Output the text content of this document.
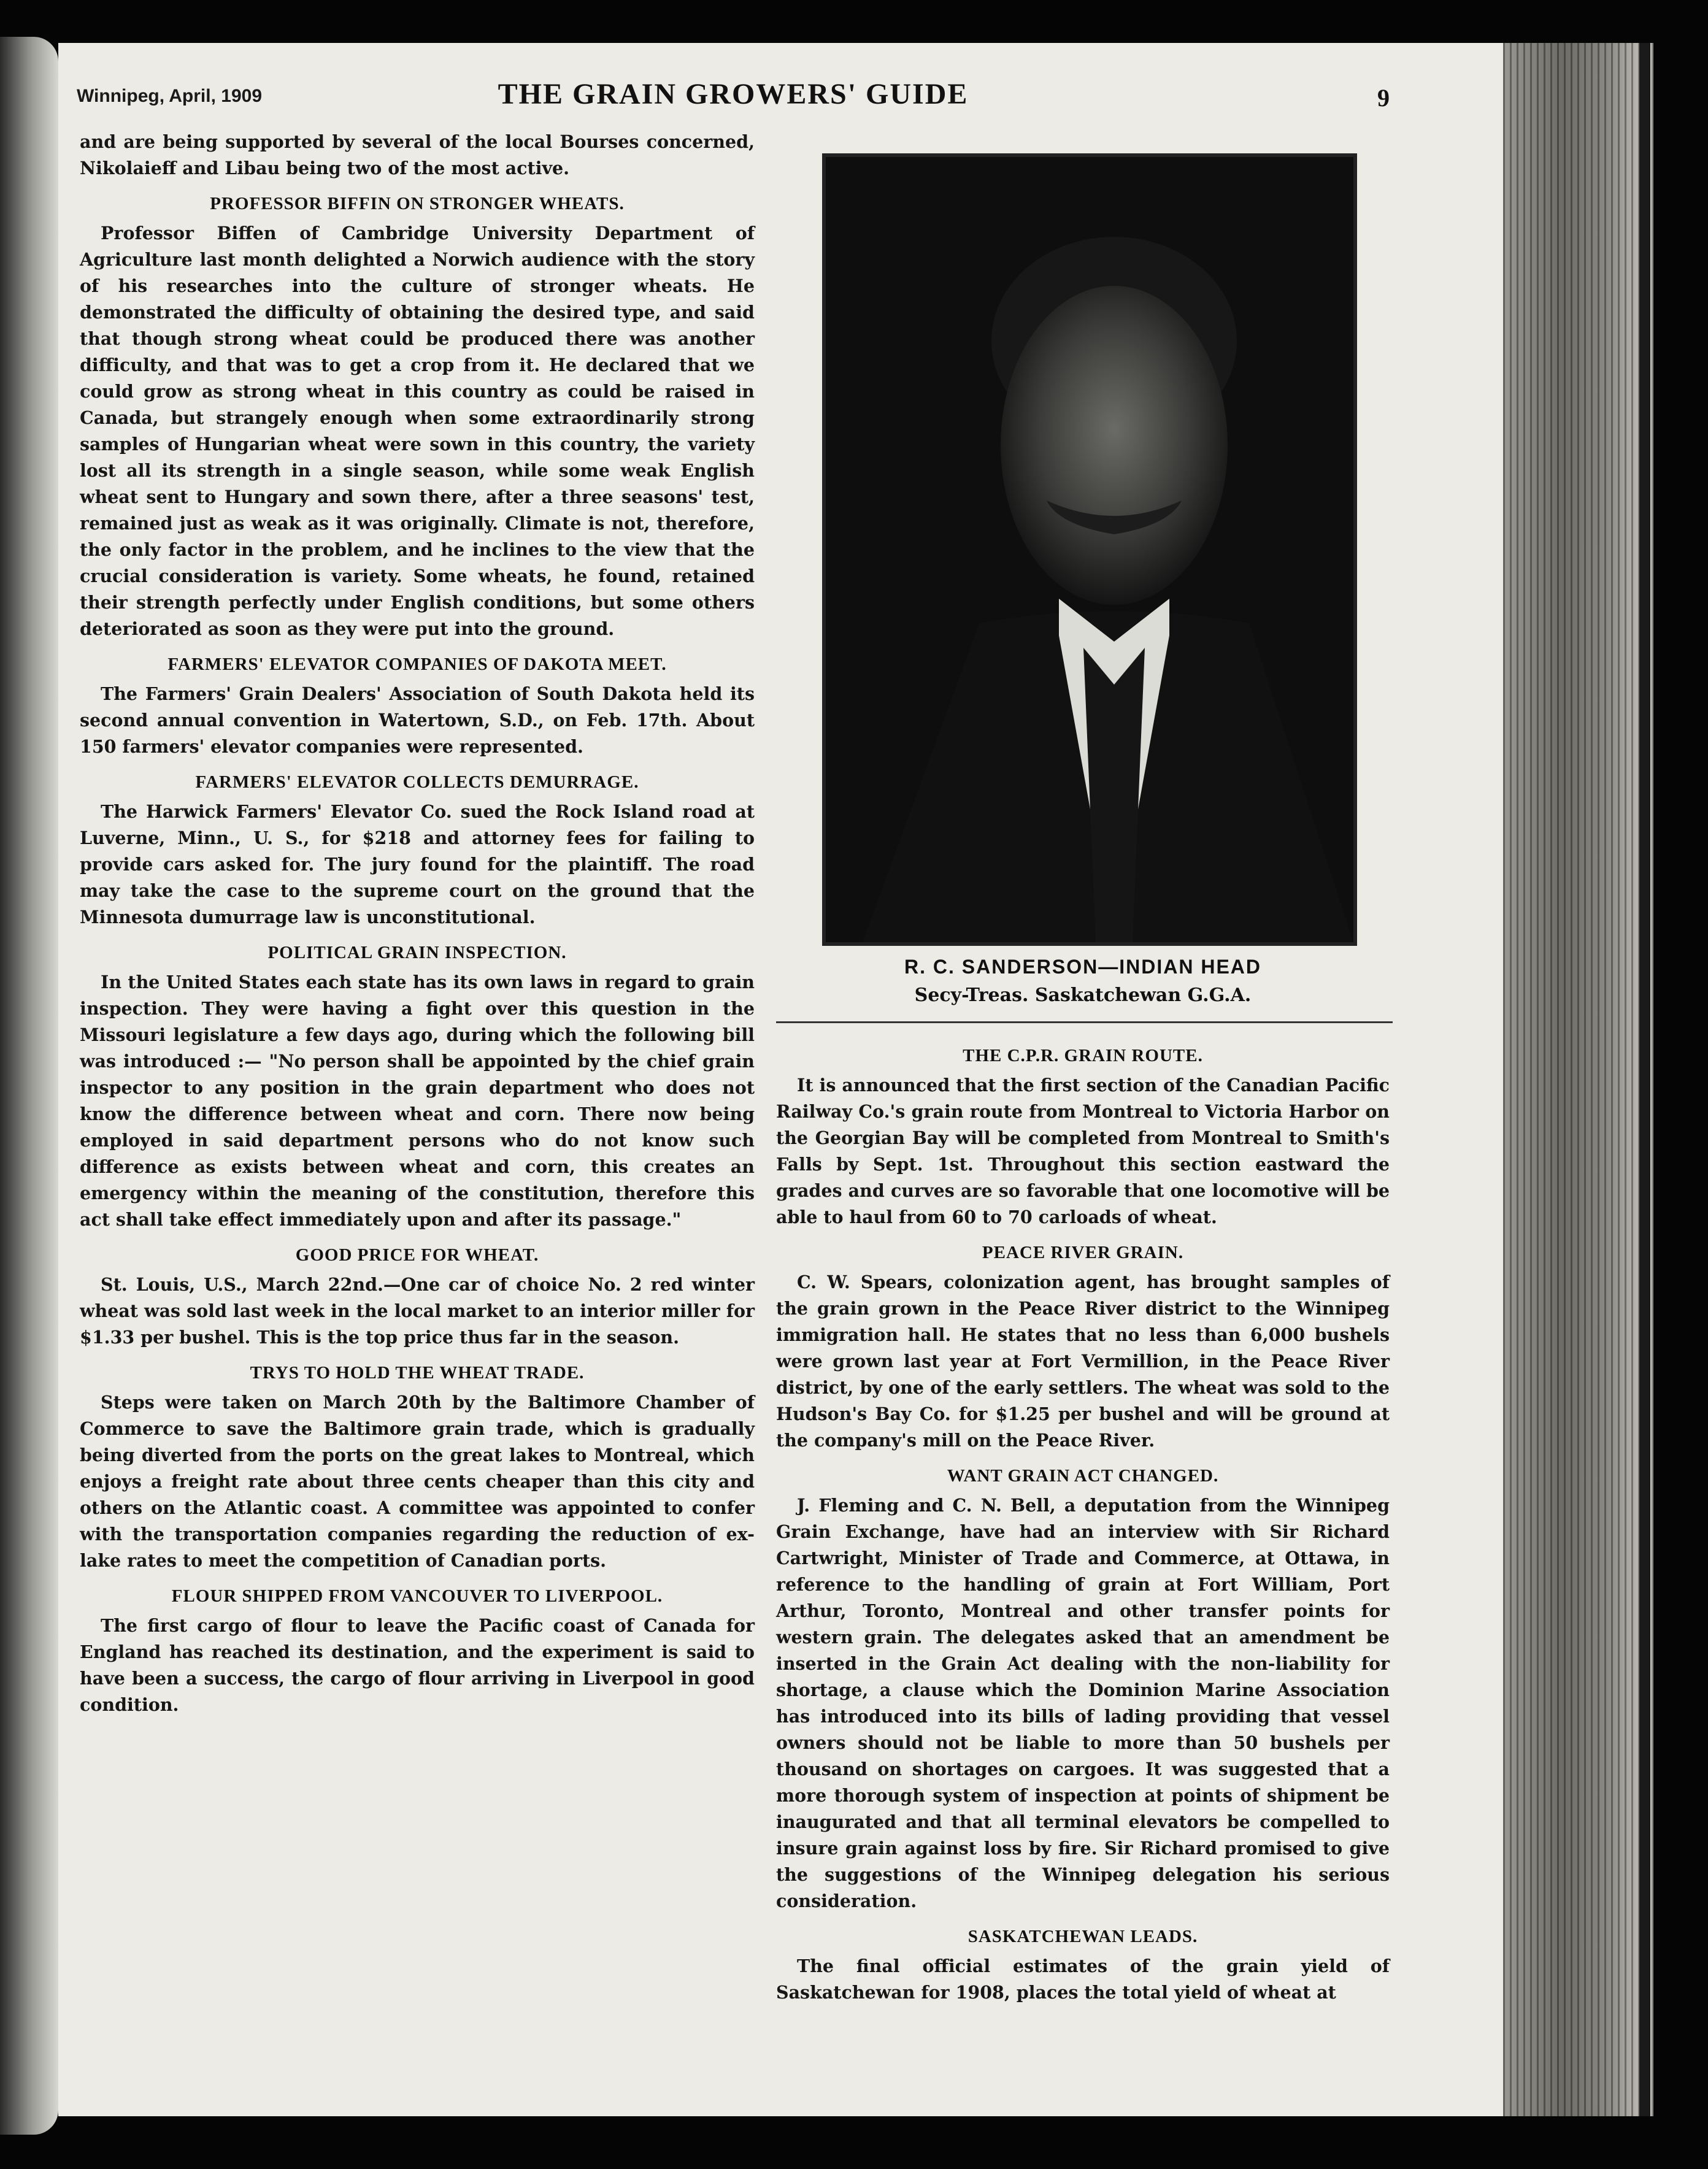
Winnipeg, April, 1909	THE GRAIN GROWERS' GUIDE	9

and are being supported by several of the local Bourses concerned, Nikolaieff and Libau being two of the most active.

PROFESSOR BIFFIN ON STRONGER WHEATS.

Professor Biffen of Cambridge University Department of Agriculture last month delighted a Norwich audience with the story of his researches into the culture of stronger wheats. He demonstrated the difficulty of obtaining the desired type, and said that though strong wheat could be produced there was another difficulty, and that was to get a crop from it. He declared that we could grow as strong wheat in this country as could be raised in Canada, but strangely enough when some extraordinarily strong samples of Hungarian wheat were sown in this country, the variety lost all its strength in a single season, while some weak English wheat sent to Hungary and sown there, after a three seasons' test, remained just as weak as it was originally. Climate is not, therefore, the only factor in the problem, and he inclines to the view that the crucial consideration is variety. Some wheats, he found, retained their strength perfectly under English conditions, but some others deteriorated as soon as they were put into the ground.

FARMERS' ELEVATOR COMPANIES OF DAKOTA MEET.

The Farmers' Grain Dealers' Association of South Dakota held its second annual convention in Watertown, S.D., on Feb. 17th. About 150 farmers' elevator companies were represented.

FARMERS' ELEVATOR COLLECTS DEMURRAGE.

The Harwick Farmers' Elevator Co. sued the Rock Island road at Luverne, Minn., U. S., for $218 and attorney fees for failing to provide cars asked for. The jury found for the plaintiff. The road may take the case to the supreme court on the ground that the Minnesota dumurrage law is unconstitutional.

POLITICAL GRAIN INSPECTION.

In the United States each state has its own laws in regard to grain inspection. They were having a fight over this question in the Missouri legislature a few days ago, during which the following bill was introduced :— "No person shall be appointed by the chief grain inspector to any position in the grain department who does not know the difference between wheat and corn. There now being employed in said department persons who do not know such difference as exists between wheat and corn, this creates an emergency within the meaning of the constitution, therefore this act shall take effect immediately upon and after its passage."

GOOD PRICE FOR WHEAT.

St. Louis, U.S., March 22nd.—One car of choice No. 2 red winter wheat was sold last week in the local market to an interior miller for $1.33 per bushel. This is the top price thus far in the season.

TRYS TO HOLD THE WHEAT TRADE.

Steps were taken on March 20th by the Baltimore Chamber of Commerce to save the Baltimore grain trade, which is gradually being diverted from the ports on the great lakes to Montreal, which enjoys a freight rate about three cents cheaper than this city and others on the Atlantic coast. A committee was appointed to confer with the transportation companies regarding the reduction of ex-lake rates to meet the competition of Canadian ports.

FLOUR SHIPPED FROM VANCOUVER TO LIVERPOOL.

The first cargo of flour to leave the Pacific coast of Canada for England has reached its destination, and the experiment is said to have been a success, the cargo of flour arriving in Liverpool in good condition.

R. C. SANDERSON—INDIAN HEAD
Secy-Treas. Saskatchewan G.G.A.
THE C.P.R. GRAIN ROUTE.

It is announced that the first section of the Canadian Pacific Railway Co.'s grain route from Montreal to Victoria Harbor on the Georgian Bay will be completed from Montreal to Smith's Falls by Sept. 1st. Throughout this section eastward the grades and curves are so favorable that one locomotive will be able to haul from 60 to 70 carloads of wheat.

PEACE RIVER GRAIN.

C. W. Spears, colonization agent, has brought samples of the grain grown in the Peace River district to the Winnipeg immigration hall. He states that no less than 6,000 bushels were grown last year at Fort Vermillion, in the Peace River district, by one of the early settlers. The wheat was sold to the Hudson's Bay Co. for $1.25 per bushel and will be ground at the company's mill on the Peace River.

WANT GRAIN ACT CHANGED.

J. Fleming and C. N. Bell, a deputation from the Winnipeg Grain Exchange, have had an interview with Sir Richard Cartwright, Minister of Trade and Commerce, at Ottawa, in reference to the handling of grain at Fort William, Port Arthur, Toronto, Montreal and other transfer points for western grain. The delegates asked that an amendment be inserted in the Grain Act dealing with the non-liability for shortage, a clause which the Dominion Marine Association has introduced into its bills of lading providing that vessel owners should not be liable to more than 50 bushels per thousand on shortages on cargoes. It was suggested that a more thorough system of inspection at points of shipment be inaugurated and that all terminal elevators be compelled to insure grain against loss by fire. Sir Richard promised to give the suggestions of the Winnipeg delegation his serious consideration.

SASKATCHEWAN LEADS.

The final official estimates of the grain yield of Saskatchewan for 1908, places the total yield of wheat at
